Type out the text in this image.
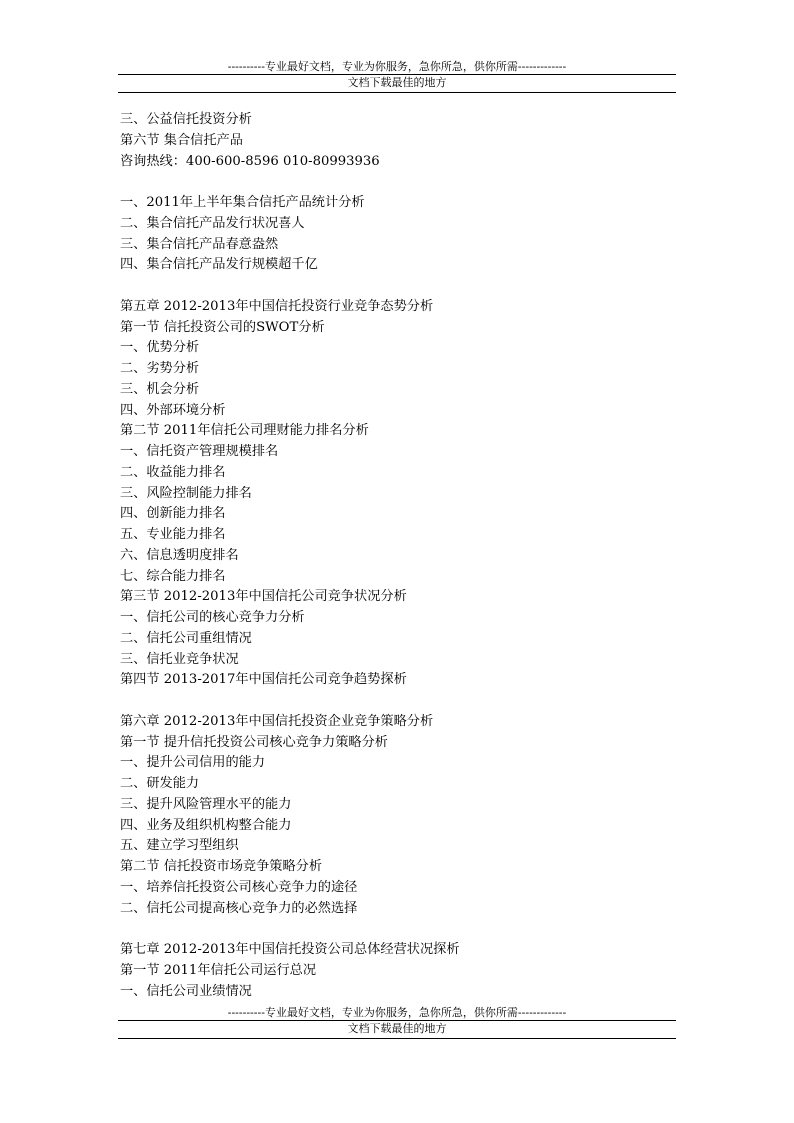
----------专业最好文档，专业为你服务，急你所急，供你所需-------------
文档下载最佳的地方
三、公益信托投资分析
第六节 集合信托产品
咨询热线：400-600-8596 010-80993936
一、2011年上半年集合信托产品统计分析
二、集合信托产品发行状况喜人
三、集合信托产品春意盎然
四、集合信托产品发行规模超千亿
第五章 2012-2013年中国信托投资行业竞争态势分析
第一节 信托投资公司的SWOT分析
一、优势分析
二、劣势分析
三、机会分析
四、外部环境分析
第二节 2011年信托公司理财能力排名分析
一、信托资产管理规模排名
二、收益能力排名
三、风险控制能力排名
四、创新能力排名
五、专业能力排名
六、信息透明度排名
七、综合能力排名
第三节 2012-2013年中国信托公司竞争状况分析
一、信托公司的核心竞争力分析
二、信托公司重组情况
三、信托业竞争状况
第四节 2013-2017年中国信托公司竞争趋势探析
第六章 2012-2013年中国信托投资企业竞争策略分析
第一节 提升信托投资公司核心竞争力策略分析
一、提升公司信用的能力
二、研发能力
三、提升风险管理水平的能力
四、业务及组织机构整合能力
五、建立学习型组织
第二节 信托投资市场竞争策略分析
一、培养信托投资公司核心竞争力的途径
二、信托公司提高核心竞争力的必然选择
第七章 2012-2013年中国信托投资公司总体经营状况探析
第一节 2011年信托公司运行总况
一、信托公司业绩情况
----------专业最好文档，专业为你服务，急你所急，供你所需-------------
文档下载最佳的地方
